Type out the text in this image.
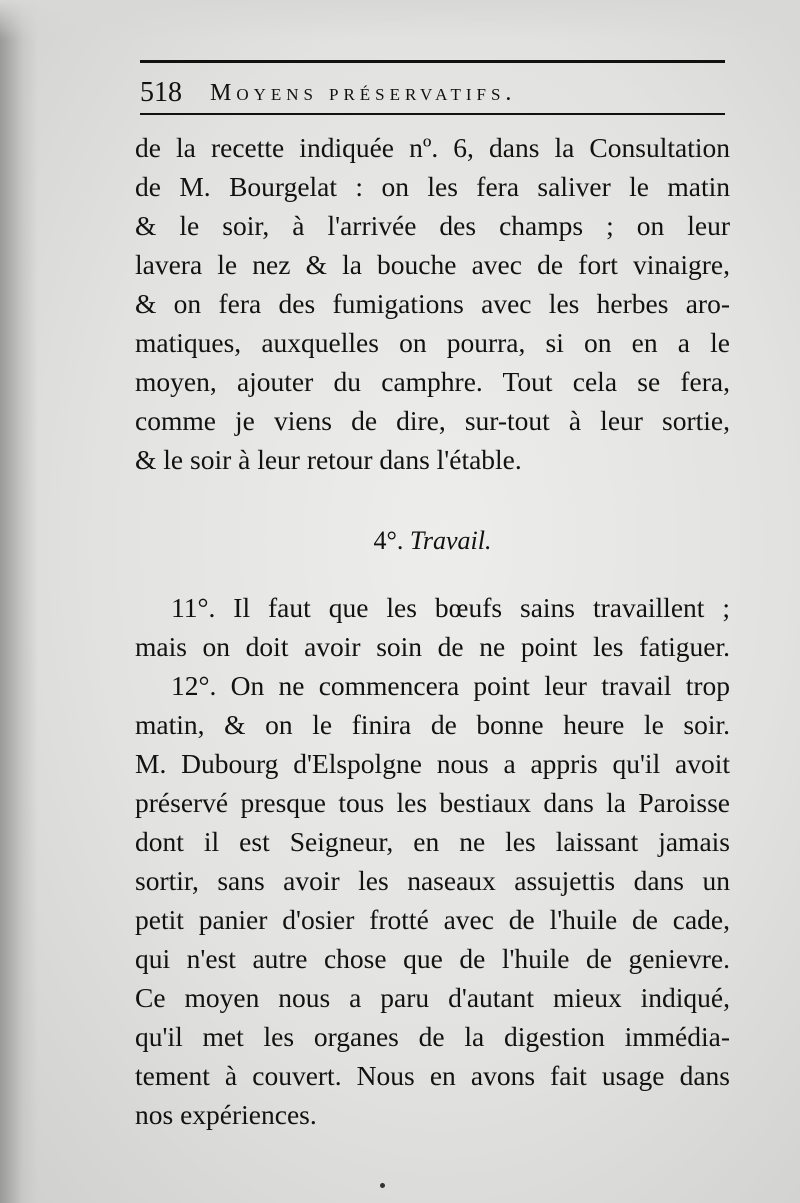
518 Moyens préservatifs.
de la recette indiquée nº. 6, dans la Consultation
de M. Bourgelat : on les fera saliver le matin
& le soir, à l'arrivée des champs ; on leur
lavera le nez & la bouche avec de fort vinaigre,
& on fera des fumigations avec les herbes aro-
matiques, auxquelles on pourra, si on en a le
moyen, ajouter du camphre. Tout cela se fera,
comme je viens de dire, sur-tout à leur sortie,
& le soir à leur retour dans l'étable.
4°. Travail.
11°. Il faut que les bœufs sains travaillent ;
mais on doit avoir soin de ne point les fatiguer.
12°. On ne commencera point leur travail trop
matin, & on le finira de bonne heure le soir.
M. Dubourg d'Elspolgne nous a appris qu'il avoit
préservé presque tous les bestiaux dans la Paroisse
dont il est Seigneur, en ne les laissant jamais
sortir, sans avoir les naseaux assujettis dans un
petit panier d'osier frotté avec de l'huile de cade,
qui n'est autre chose que de l'huile de genievre.
Ce moyen nous a paru d'autant mieux indiqué,
qu'il met les organes de la digestion immédia-
tement à couvert. Nous en avons fait usage dans
nos expériences.
